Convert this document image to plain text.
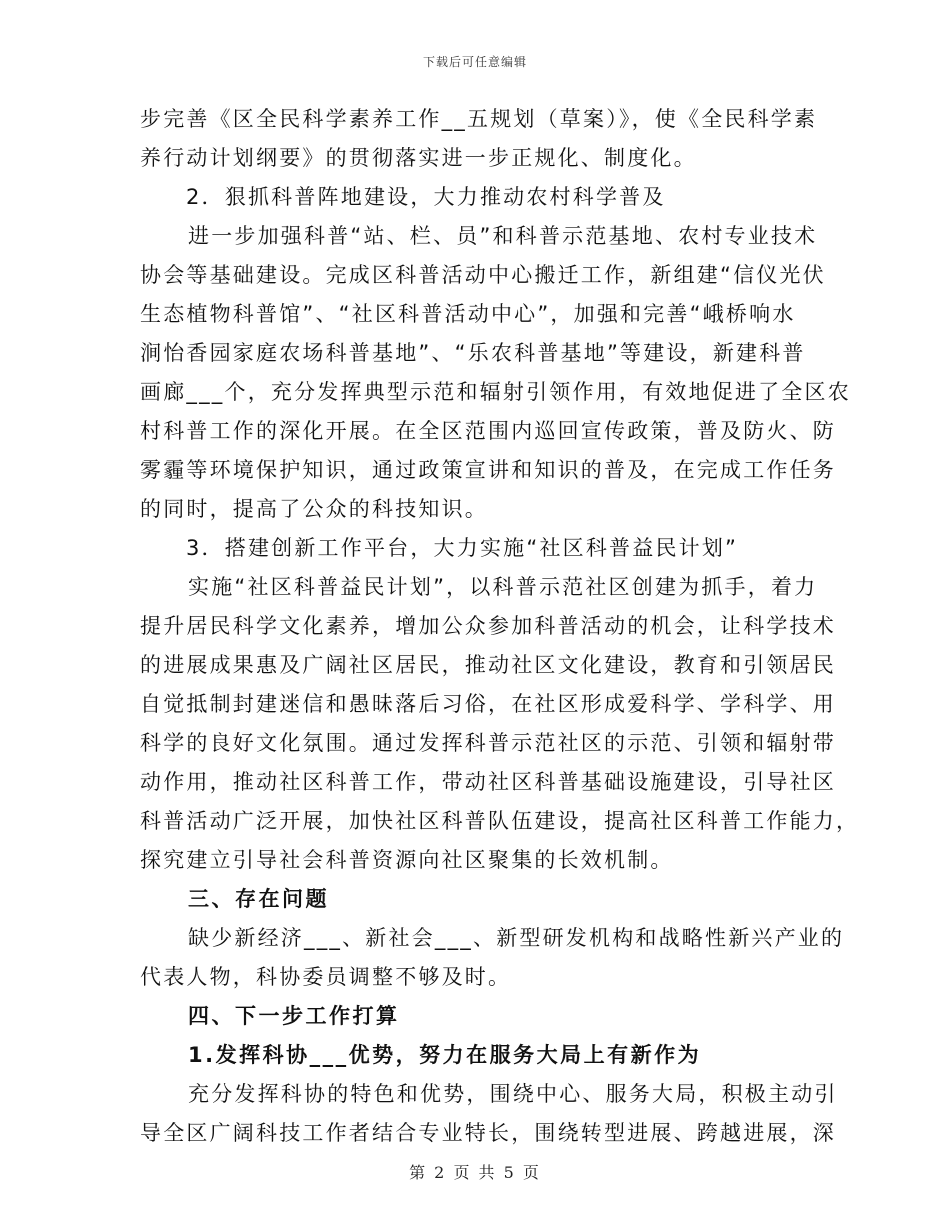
下载后可任意编辑
步完善《区全民科学素养工作__五规划（草案）》，使《全民科学素
养行动计划纲要》的贯彻落实进一步正规化、制度化。
2．狠抓科普阵地建设，大力推动农村科学普及
进一步加强科普“站、栏、员”和科普示范基地、农村专业技术
协会等基础建设。完成区科普活动中心搬迁工作，新组建“信仪光伏
生态植物科普馆”、“社区科普活动中心”，加强和完善“峨桥响水
涧怡香园家庭农场科普基地”、“乐农科普基地”等建设，新建科普
画廊___个，充分发挥典型示范和辐射引领作用，有效地促进了全区农
村科普工作的深化开展。在全区范围内巡回宣传政策，普及防火、防
雾霾等环境保护知识，通过政策宣讲和知识的普及，在完成工作任务
的同时，提高了公众的科技知识。
3．搭建创新工作平台，大力实施“社区科普益民计划”
实施“社区科普益民计划”，以科普示范社区创建为抓手，着力
提升居民科学文化素养，增加公众参加科普活动的机会，让科学技术
的进展成果惠及广阔社区居民，推动社区文化建设，教育和引领居民
自觉抵制封建迷信和愚昧落后习俗，在社区形成爱科学、学科学、用
科学的良好文化氛围。通过发挥科普示范社区的示范、引领和辐射带
动作用，推动社区科普工作，带动社区科普基础设施建设，引导社区
科普活动广泛开展，加快社区科普队伍建设，提高社区科普工作能力，
探究建立引导社会科普资源向社区聚集的长效机制。
三、存在问题
缺少新经济___、新社会___、新型研发机构和战略性新兴产业的
代表人物，科协委员调整不够及时。
四、下一步工作打算
1.发挥科协___优势，努力在服务大局上有新作为
充分发挥科协的特色和优势，围绕中心、服务大局，积极主动引
导全区广阔科技工作者结合专业特长，围绕转型进展、跨越进展，深
第 2 页 共 5 页
